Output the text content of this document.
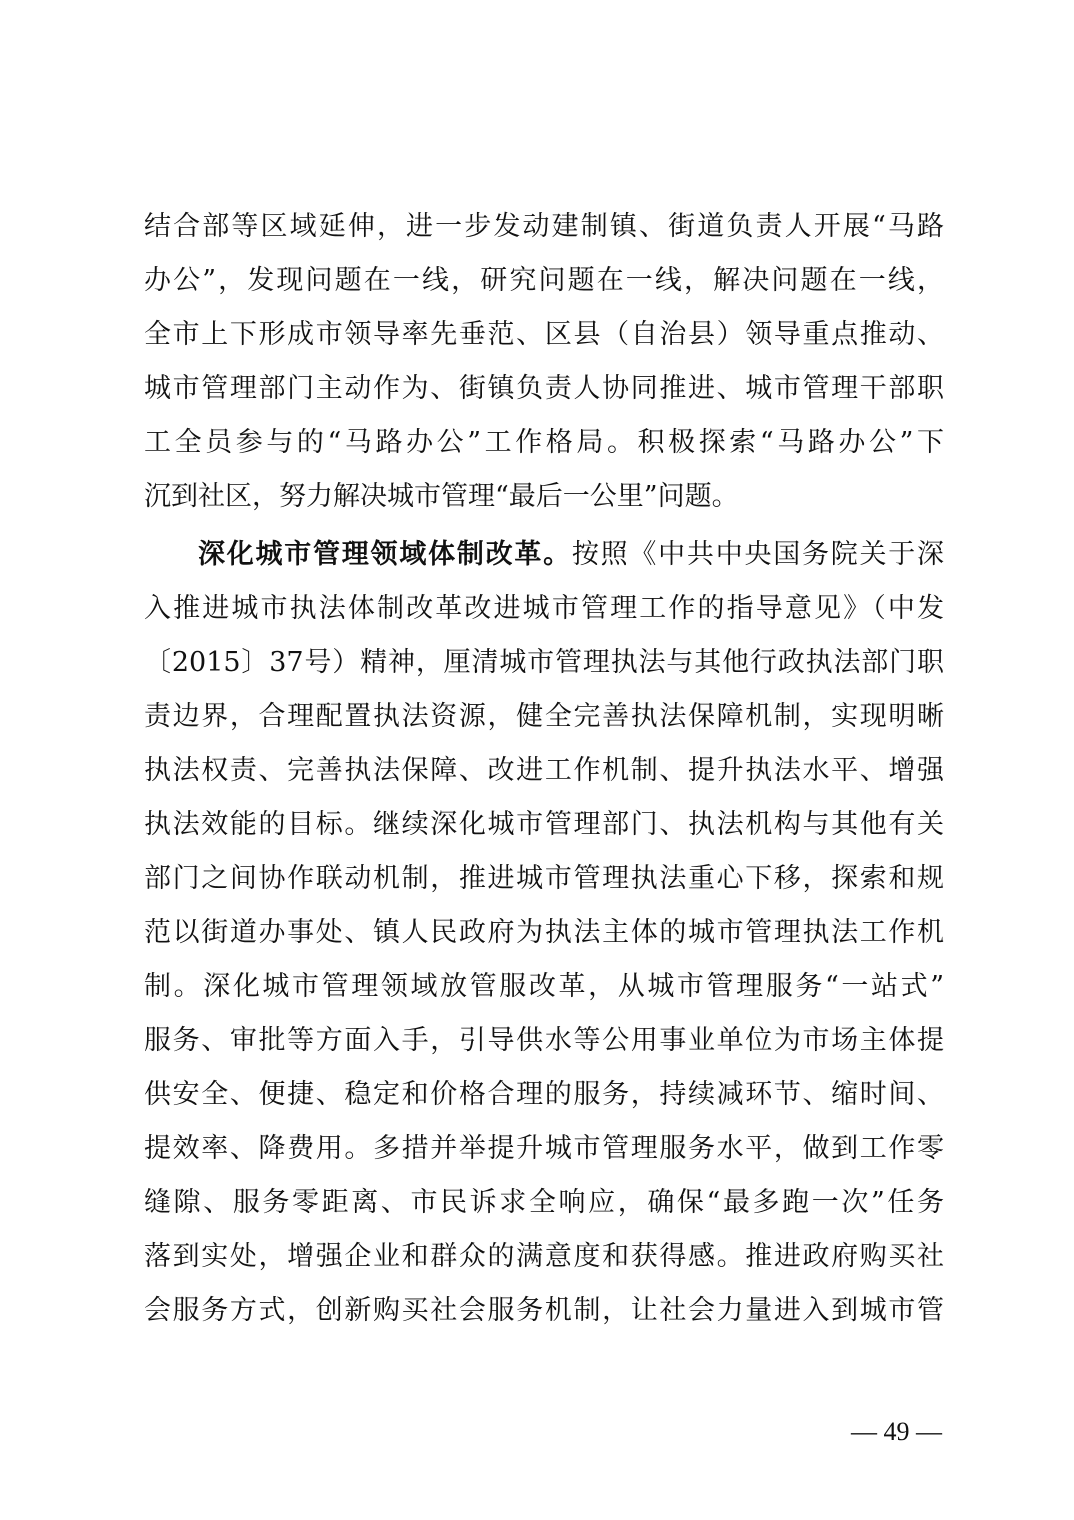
结合部等区域延伸，进一步发动建制镇、街道负责人开展“马路
办公”，发现问题在一线，研究问题在一线，解决问题在一线，
全市上下形成市领导率先垂范、区县（自治县）领导重点推动、
城市管理部门主动作为、街镇负责人协同推进、城市管理干部职
工全员参与的“马路办公”工作格局。积极探索“马路办公”下
沉到社区，努力解决城市管理“最后一公里”问题。
深化城市管理领域体制改革。按照《中共中央国务院关于深
入推进城市执法体制改革改进城市管理工作的指导意见》（中发
〔2015〕37号）精神，厘清城市管理执法与其他行政执法部门职
责边界，合理配置执法资源，健全完善执法保障机制，实现明晰
执法权责、完善执法保障、改进工作机制、提升执法水平、增强
执法效能的目标。继续深化城市管理部门、执法机构与其他有关
部门之间协作联动机制，推进城市管理执法重心下移，探索和规
范以街道办事处、镇人民政府为执法主体的城市管理执法工作机
制。深化城市管理领域放管服改革，从城市管理服务“一站式”
服务、审批等方面入手，引导供水等公用事业单位为市场主体提
供安全、便捷、稳定和价格合理的服务，持续减环节、缩时间、
提效率、降费用。多措并举提升城市管理服务水平，做到工作零
缝隙、服务零距离、市民诉求全响应，确保“最多跑一次”任务
落到实处，增强企业和群众的满意度和获得感。推进政府购买社
会服务方式，创新购买社会服务机制，让社会力量进入到城市管
— 49 —
